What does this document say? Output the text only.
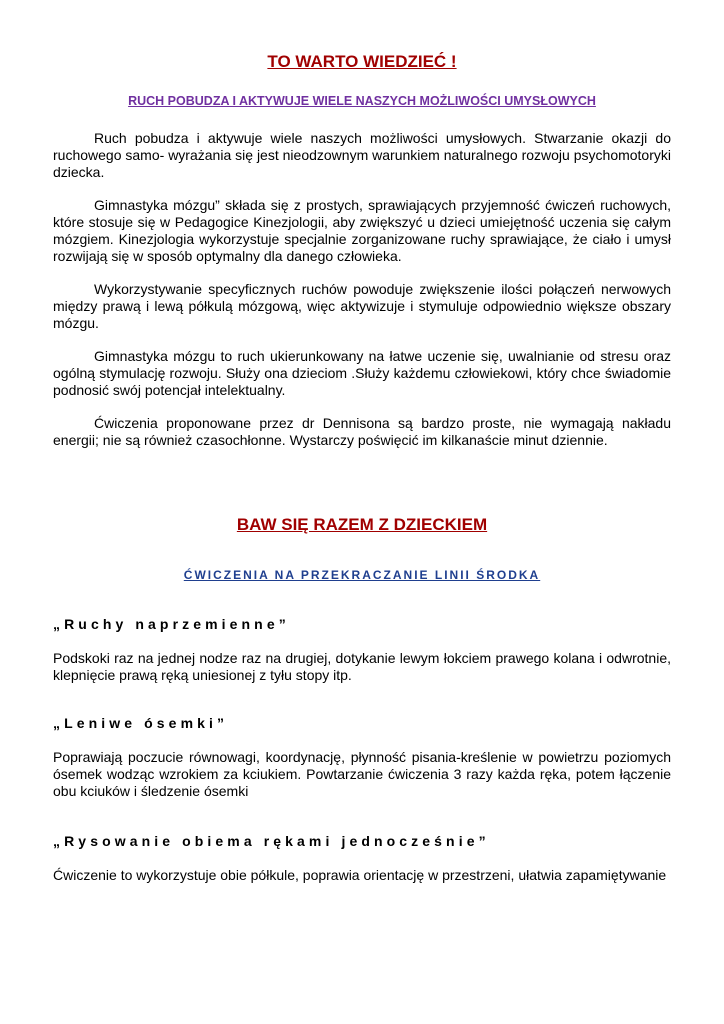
TO WARTO WIEDZIEĆ !
RUCH POBUDZA I AKTYWUJE WIELE NASZYCH MOŻLIWOŚCI UMYSŁOWYCH

Ruch pobudza i aktywuje wiele naszych możliwości umysłowych. Stwarzanie okazji do ruchowego samo- wyrażania się jest nieodzownym warunkiem naturalnego rozwoju psychomotoryki dziecka.

Gimnastyka mózgu” składa się z prostych, sprawiających przyjemność ćwiczeń ruchowych, które stosuje się w Pedagogice Kinezjologii, aby zwiększyć u dzieci umiejętność uczenia się całym mózgiem. Kinezjologia wykorzystuje specjalnie zorganizowane ruchy sprawiające, że ciało i umysł rozwijają się w sposób optymalny dla danego człowieka.

Wykorzystywanie specyficznych ruchów powoduje zwiększenie ilości połączeń nerwowych między prawą i lewą półkulą mózgową, więc aktywizuje i stymuluje odpowiednio większe obszary mózgu.

Gimnastyka mózgu to ruch ukierunkowany na łatwe uczenie się, uwalnianie od stresu oraz ogólną stymulację rozwoju. Służy ona dzieciom .Służy każdemu człowiekowi, który chce świadomie podnosić swój potencjał intelektualny.

Ćwiczenia proponowane przez dr Dennisona są bardzo proste, nie wymagają nakładu energii; nie są również czasochłonne. Wystarczy poświęcić im kilkanaście minut dziennie.

BAW SIĘ RAZEM Z DZIECKIEM
ĆWICZENIA NA PRZEKRACZANIE LINII ŚRODKA
„Ruchy naprzemienne”

Podskoki raz na jednej nodze raz na drugiej, dotykanie lewym łokciem prawego kolana i odwrotnie, klepnięcie prawą ręką uniesionej z tyłu stopy itp.

„Leniwe ósemki”

Poprawiają poczucie równowagi, koordynację, płynność pisania-kreślenie w powietrzu poziomych ósemek wodząc wzrokiem za kciukiem. Powtarzanie ćwiczenia 3 razy każda ręka, potem łączenie obu kciuków i śledzenie ósemki

„Rysowanie obiema rękami jednocześnie”

Ćwiczenie to wykorzystuje obie półkule, poprawia orientację w przestrzeni, ułatwia zapamiętywanie
